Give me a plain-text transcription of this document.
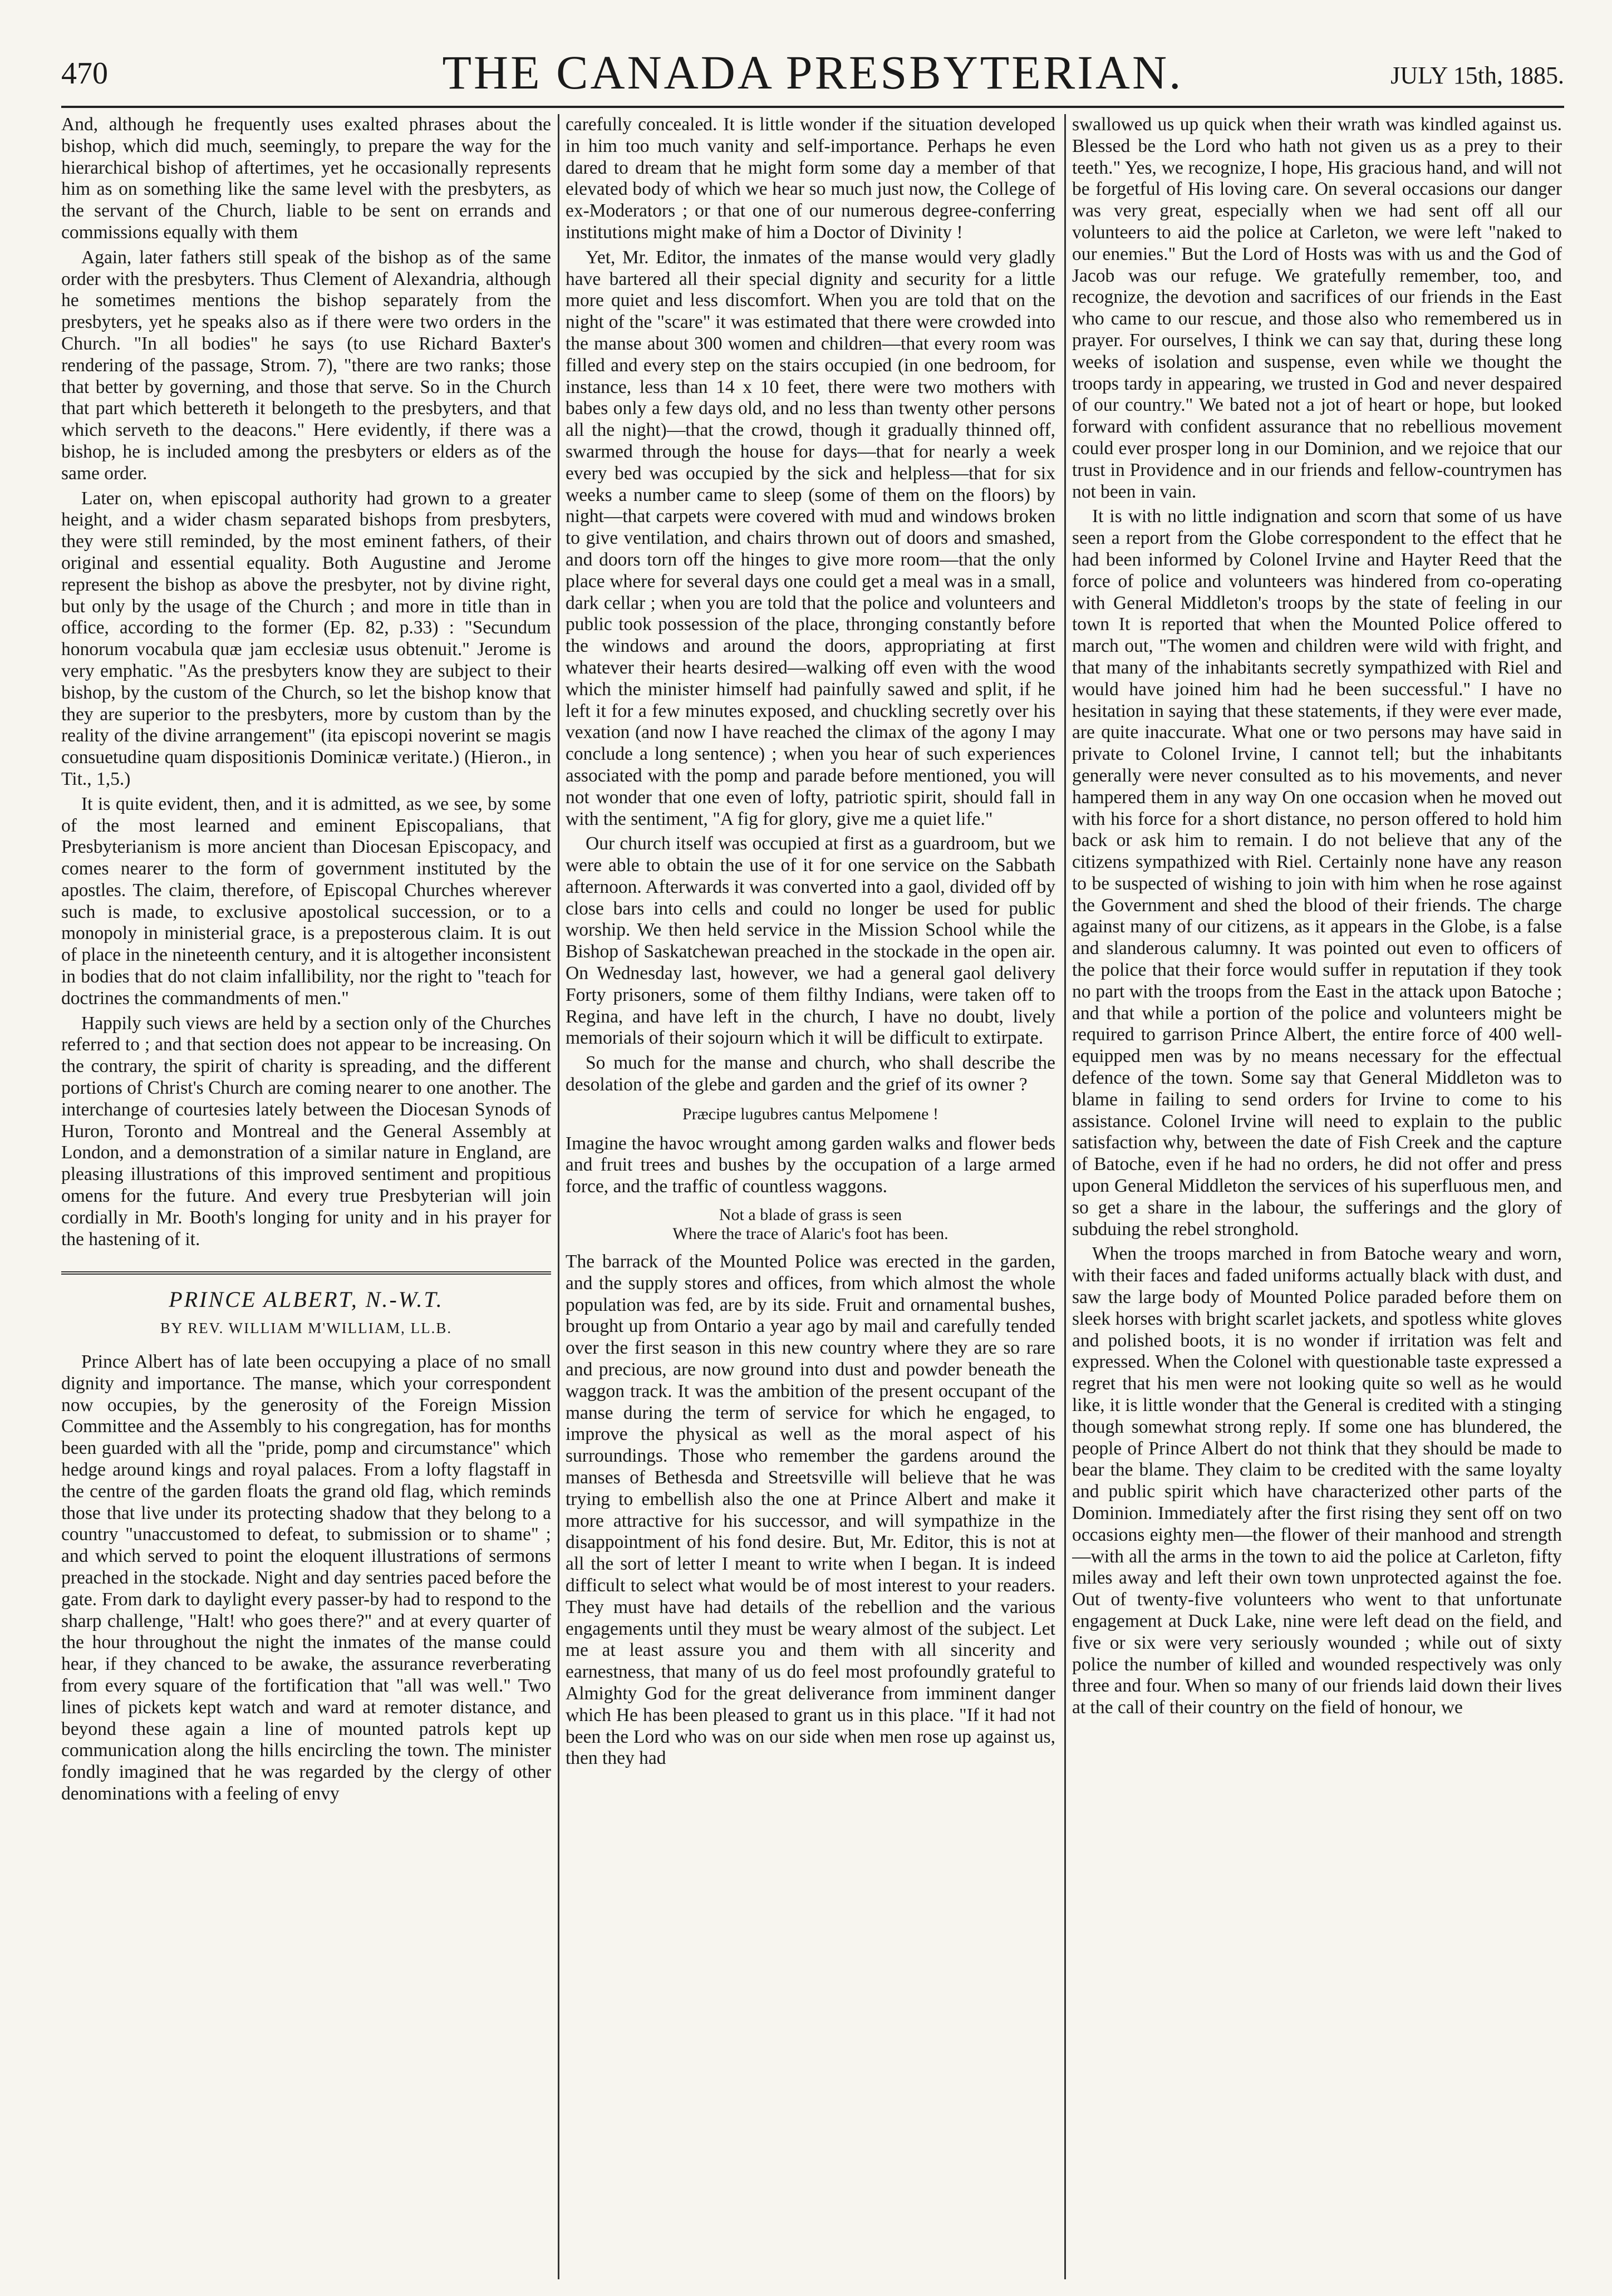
470	THE CANADA PRESBYTERIAN.	JULY 15th, 1885.

And, although he frequently uses exalted phrases about the bishop, which did much, seemingly, to prepare the way for the hierarchical bishop of aftertimes, yet he occasionally represents him as on something like the same level with the presbyters, as the servant of the Church, liable to be sent on errands and commissions equally with them

Again, later fathers still speak of the bishop as of the same order with the presbyters. Thus Clement of Alexandria, although he sometimes mentions the bishop separately from the presbyters, yet he speaks also as if there were two orders in the Church. "In all bodies" he says (to use Richard Baxter's rendering of the passage, Strom. 7), "there are two ranks; those that better by governing, and those that serve. So in the Church that part which bettereth it belongeth to the presbyters, and that which serveth to the deacons." Here evidently, if there was a bishop, he is included among the presbyters or elders as of the same order.

Later on, when episcopal authority had grown to a greater height, and a wider chasm separated bishops from presbyters, they were still reminded, by the most eminent fathers, of their original and essential equality. Both Augustine and Jerome represent the bishop as above the presbyter, not by divine right, but only by the usage of the Church ; and more in title than in office, according to the former (Ep. 82, p.33) : "Secundum honorum vocabula quæ jam ecclesiæ usus obtenuit." Jerome is very emphatic. "As the presbyters know they are subject to their bishop, by the custom of the Church, so let the bishop know that they are superior to the presbyters, more by custom than by the reality of the divine arrangement" (ita episcopi noverint se magis consuetudine quam dispositionis Dominicæ veritate.) (Hieron., in Tit., 1,5.)

It is quite evident, then, and it is admitted, as we see, by some of the most learned and eminent Episcopalians, that Presbyterianism is more ancient than Diocesan Episcopacy, and comes nearer to the form of government instituted by the apostles. The claim, therefore, of Episcopal Churches wherever such is made, to exclusive apostolical succession, or to a monopoly in ministerial grace, is a preposterous claim. It is out of place in the nineteenth century, and it is altogether inconsistent in bodies that do not claim infallibility, nor the right to "teach for doctrines the commandments of men."

Happily such views are held by a section only of the Churches referred to ; and that section does not appear to be increasing. On the contrary, the spirit of charity is spreading, and the different portions of Christ's Church are coming nearer to one another. The interchange of courtesies lately between the Diocesan Synods of Huron, Toronto and Montreal and the General Assembly at London, and a demonstration of a similar nature in England, are pleasing illustrations of this improved sentiment and propitious omens for the future. And every true Presbyterian will join cordially in Mr. Booth's longing for unity and in his prayer for the hastening of it.

PRINCE ALBERT, N.-W.T.
BY REV. WILLIAM M'WILLIAM, LL.B.

Prince Albert has of late been occupying a place of no small dignity and importance. The manse, which your correspondent now occupies, by the generosity of the Foreign Mission Committee and the Assembly to his congregation, has for months been guarded with all the "pride, pomp and circumstance" which hedge around kings and royal palaces. From a lofty flagstaff in the centre of the garden floats the grand old flag, which reminds those that live under its protecting shadow that they belong to a country "unaccustomed to defeat, to submission or to shame" ; and which served to point the eloquent illustrations of sermons preached in the stockade. Night and day sentries paced before the gate. From dark to daylight every passer-by had to respond to the sharp challenge, "Halt! who goes there?" and at every quarter of the hour throughout the night the inmates of the manse could hear, if they chanced to be awake, the assurance reverberating from every square of the fortification that "all was well." Two lines of pickets kept watch and ward at remoter distance, and beyond these again a line of mounted patrols kept up communication along the hills encircling the town. The minister fondly imagined that he was regarded by the clergy of other denominations with a feeling of envy

carefully concealed. It is little wonder if the situation developed in him too much vanity and self-importance. Perhaps he even dared to dream that he might form some day a member of that elevated body of which we hear so much just now, the College of ex-Moderators ; or that one of our numerous degree-conferring institutions might make of him a Doctor of Divinity !

Yet, Mr. Editor, the inmates of the manse would very gladly have bartered all their special dignity and security for a little more quiet and less discomfort. When you are told that on the night of the "scare" it was estimated that there were crowded into the manse about 300 women and children—that every room was filled and every step on the stairs occupied (in one bedroom, for instance, less than 14 x 10 feet, there were two mothers with babes only a few days old, and no less than twenty other persons all the night)—that the crowd, though it gradually thinned off, swarmed through the house for days—that for nearly a week every bed was occupied by the sick and helpless—that for six weeks a number came to sleep (some of them on the floors) by night—that carpets were covered with mud and windows broken to give ventilation, and chairs thrown out of doors and smashed, and doors torn off the hinges to give more room—that the only place where for several days one could get a meal was in a small, dark cellar ; when you are told that the police and volunteers and public took possession of the place, thronging constantly before the windows and around the doors, appropriating at first whatever their hearts desired—walking off even with the wood which the minister himself had painfully sawed and split, if he left it for a few minutes exposed, and chuckling secretly over his vexation (and now I have reached the climax of the agony I may conclude a long sentence) ; when you hear of such experiences associated with the pomp and parade before mentioned, you will not wonder that one even of lofty, patriotic spirit, should fall in with the sentiment, "A fig for glory, give me a quiet life."

Our church itself was occupied at first as a guardroom, but we were able to obtain the use of it for one service on the Sabbath afternoon. Afterwards it was converted into a gaol, divided off by close bars into cells and could no longer be used for public worship. We then held service in the Mission School while the Bishop of Saskatchewan preached in the stockade in the open air. On Wednesday last, however, we had a general gaol delivery Forty prisoners, some of them filthy Indians, were taken off to Regina, and have left in the church, I have no doubt, lively memorials of their sojourn which it will be difficult to extirpate.

So much for the manse and church, who shall describe the desolation of the glebe and garden and the grief of its owner ?

Præcipe lugubres cantus Melpomene !

Imagine the havoc wrought among garden walks and flower beds and fruit trees and bushes by the occupation of a large armed force, and the traffic of countless waggons.

Not a blade of grass is seen
Where the trace of Alaric's foot has been.

The barrack of the Mounted Police was erected in the garden, and the supply stores and offices, from which almost the whole population was fed, are by its side. Fruit and ornamental bushes, brought up from Ontario a year ago by mail and carefully tended over the first season in this new country where they are so rare and precious, are now ground into dust and powder beneath the waggon track. It was the ambition of the present occupant of the manse during the term of service for which he engaged, to improve the physical as well as the moral aspect of his surroundings. Those who remember the gardens around the manses of Bethesda and Streetsville will believe that he was trying to embellish also the one at Prince Albert and make it more attractive for his successor, and will sympathize in the disappointment of his fond desire. But, Mr. Editor, this is not at all the sort of letter I meant to write when I began. It is indeed difficult to select what would be of most interest to your readers. They must have had details of the rebellion and the various engagements until they must be weary almost of the subject. Let me at least assure you and them with all sincerity and earnestness, that many of us do feel most profoundly grateful to Almighty God for the great deliverance from imminent danger which He has been pleased to grant us in this place. "If it had not been the Lord who was on our side when men rose up against us, then they had

swallowed us up quick when their wrath was kindled against us. Blessed be the Lord who hath not given us as a prey to their teeth." Yes, we recognize, I hope, His gracious hand, and will not be forgetful of His loving care. On several occasions our danger was very great, especially when we had sent off all our volunteers to aid the police at Carleton, we were left "naked to our enemies." But the Lord of Hosts was with us and the God of Jacob was our refuge. We gratefully remember, too, and recognize, the devotion and sacrifices of our friends in the East who came to our rescue, and those also who remembered us in prayer. For ourselves, I think we can say that, during these long weeks of isolation and suspense, even while we thought the troops tardy in appearing, we trusted in God and never despaired of our country." We bated not a jot of heart or hope, but looked forward with confident assurance that no rebellious movement could ever prosper long in our Dominion, and we rejoice that our trust in Providence and in our friends and fellow-countrymen has not been in vain.

It is with no little indignation and scorn that some of us have seen a report from the Globe correspondent to the effect that he had been informed by Colonel Irvine and Hayter Reed that the force of police and volunteers was hindered from co-operating with General Middleton's troops by the state of feeling in our town It is reported that when the Mounted Police offered to march out, "The women and children were wild with fright, and that many of the inhabitants secretly sympathized with Riel and would have joined him had he been successful." I have no hesitation in saying that these statements, if they were ever made, are quite inaccurate. What one or two persons may have said in private to Colonel Irvine, I cannot tell; but the inhabitants generally were never consulted as to his movements, and never hampered them in any way On one occasion when he moved out with his force for a short distance, no person offered to hold him back or ask him to remain. I do not believe that any of the citizens sympathized with Riel. Certainly none have any reason to be suspected of wishing to join with him when he rose against the Government and shed the blood of their friends. The charge against many of our citizens, as it appears in the Globe, is a false and slanderous calumny. It was pointed out even to officers of the police that their force would suffer in reputation if they took no part with the troops from the East in the attack upon Batoche ; and that while a portion of the police and volunteers might be required to garrison Prince Albert, the entire force of 400 well-equipped men was by no means necessary for the effectual defence of the town. Some say that General Middleton was to blame in failing to send orders for Irvine to come to his assistance. Colonel Irvine will need to explain to the public satisfaction why, between the date of Fish Creek and the capture of Batoche, even if he had no orders, he did not offer and press upon General Middleton the services of his superfluous men, and so get a share in the labour, the sufferings and the glory of subduing the rebel stronghold.

When the troops marched in from Batoche weary and worn, with their faces and faded uniforms actually black with dust, and saw the large body of Mounted Police paraded before them on sleek horses with bright scarlet jackets, and spotless white gloves and polished boots, it is no wonder if irritation was felt and expressed. When the Colonel with questionable taste expressed a regret that his men were not looking quite so well as he would like, it is little wonder that the General is credited with a stinging though somewhat strong reply. If some one has blundered, the people of Prince Albert do not think that they should be made to bear the blame. They claim to be credited with the same loyalty and public spirit which have characterized other parts of the Dominion. Immediately after the first rising they sent off on two occasions eighty men—the flower of their manhood and strength—with all the arms in the town to aid the police at Carleton, fifty miles away and left their own town unprotected against the foe. Out of twenty-five volunteers who went to that unfortunate engagement at Duck Lake, nine were left dead on the field, and five or six were very seriously wounded ; while out of sixty police the number of killed and wounded respectively was only three and four. When so many of our friends laid down their lives at the call of their country on the field of honour, we
